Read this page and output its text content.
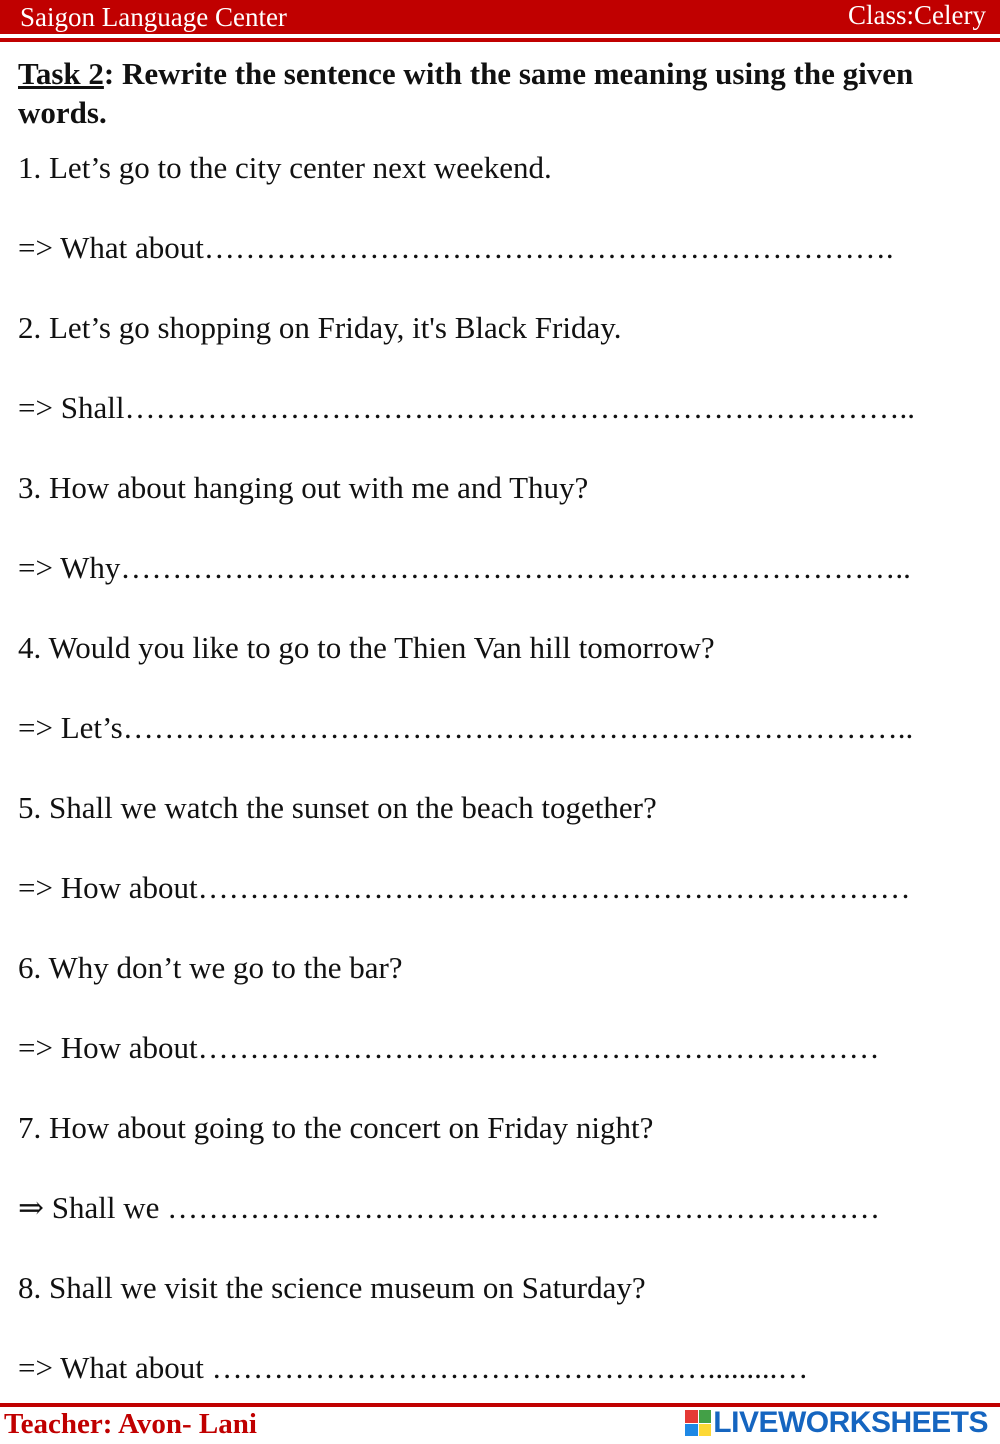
Saigon Language Center	Class:Celery
Task 2: Rewrite the sentence with the same meaning using the given words.
1. Let’s go to the city center next weekend.
=> What about………………………………………………………….
2. Let’s go shopping on Friday, it's Black Friday.
=> Shall…………………………………………………………………..
3. How about hanging out with me and Thuy?
=> Why…………………………………………………………………..
4. Would you like to go to the Thien Van hill tomorrow?
=> Let’s…………………………………………………………………..
5. Shall we watch the sunset on the beach together?
=> How about……………………………………………………………
6. Why don’t we go to the bar?
=> How about…………………………………………………………
7. How about going to the concert on Friday night?
⇒ Shall we ……………………………………………………………
8. Shall we visit the science museum on Saturday?
=> What about ………………………………………….........…
Teacher: Avon- Lani	LIVEWORKSHEETS
